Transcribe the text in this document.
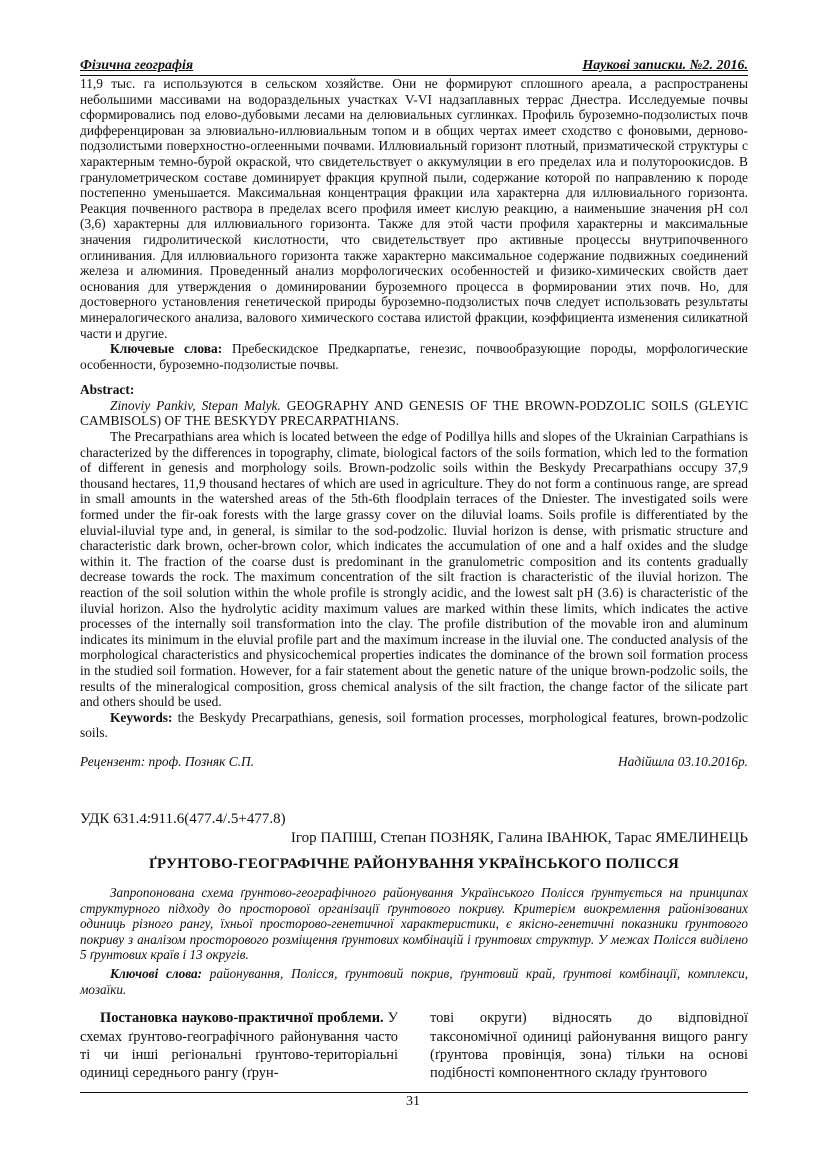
Фізична географія	Наукові записки. №2. 2016.

11,9 тыс. га используются в сельском хозяйстве. Они не формируют сплошного ареала, а распространены небольшими массивами на водораздельных участках V-VI надзаплавных террас Днестра. Исследуемые почвы сформировались под елово-дубовыми лесами на делювиальных суглинках. Профиль буроземно-подзолистых почв дифференцирован за элювиально-иллювиальным топом и в общих чертах имеет сходство с фоновыми, дерново-подзолистыми поверхностно-оглеенными почвами. Иллювиальный горизонт плотный, призматической структуры с характерным темно-бурой окраской, что свидетельствует о аккумуляции в его пределах ила и полутороокисдов. В гранулометрическом составе доминирует фракция крупной пыли, содержание которой по направлению к породе постепенно уменьшается. Максимальная концентрация фракции ила характерна для иллювиального горизонта. Реакция почвенного раствора в пределах всего профиля имеет кислую реакцию, а наименьшие значения pH сол (3,6) характерны для иллювиального горизонта. Также для этой части профиля характерны и максимальные значения гидролитической кислотности, что свидетельствует про активные процессы внутрипочвенного оглинивания. Для иллювиального горизонта также характерно максимальное содержание подвижных соединений железа и алюминия. Проведенный анализ морфологических особенностей и физико-химических свойств дает основания для утверждения о доминировании буроземного процесса в формировании этих почв. Но, для достоверного установления генетической природы буроземно-подзолистых почв следует использовать результаты минералогического анализа, валового химического состава илистой фракции, коэффициента изменения силикатной части и другие.

Ключевые слова: Пребескидское Предкарпатье, генезис, почвообразующие породы, морфологические особенности, буроземно-подзолистые почвы.

Abstract:

Zinoviy Pankiv, Stepan Malyk. GEOGRAPHY AND GENESIS OF THE BROWN-PODZOLIC SOILS (GLEYIC CAMBISOLS) OF THE BESKYDY PRECARPATHIANS.

The Precarpathians area which is located between the edge of Podillya hills and slopes of the Ukrainian Carpathians is characterized by the differences in topography, climate, biological factors of the soils formation, which led to the formation of different in genesis and morphology soils. Brown-podzolic soils within the Beskydy Precarpathians occupy 37,9 thousand hectares, 11,9 thousand hectares of which are used in agriculture. They do not form a continuous range, are spread in small amounts in the watershed areas of the 5th-6th floodplain terraces of the Dniester. The investigated soils were formed under the fir-oak forests with the large grassy cover on the diluvial loams. Soils profile is differentiated by the eluvial-iluvial type and, in general, is similar to the sod-podzolic. Iluvial horizon is dense, with prismatic structure and characteristic dark brown, ocher-brown color, which indicates the accumulation of one and a half oxides and the sludge within it. The fraction of the coarse dust is predominant in the granulometric composition and its contents gradually decrease towards the rock. The maximum concentration of the silt fraction is characteristic of the iluvial horizon. The reaction of the soil solution within the whole profile is strongly acidic, and the lowest salt pH (3.6) is characteristic of the iluvial horizon. Also the hydrolytic acidity maximum values are marked within these limits, which indicates the active processes of the internally soil transformation into the clay. The profile distribution of the movable iron and aluminum indicates its minimum in the eluvial profile part and the maximum increase in the iluvial one. The conducted analysis of the morphological characteristics and physicochemical properties indicates the dominance of the brown soil formation process in the studied soil formation. However, for a fair statement about the genetic nature of the unique brown-podzolic soils, the results of the mineralogical composition, gross chemical analysis of the silt fraction, the change factor of the silicate part and others should be used.

Keywords: the Beskydy Precarpathians, genesis, soil formation processes, morphological features, brown-podzolic soils.

Рецензент: проф. Позняк С.П.	Надійшла 03.10.2016р.

УДК 631.4:911.6(477.4/.5+477.8)

Ігор ПАПІШ, Степан ПОЗНЯК, Галина ІВАНЮК, Тарас ЯМЕЛИНЕЦЬ

ҐРУНТОВО-ГЕОГРАФІЧНЕ РАЙОНУВАННЯ УКРАЇНСЬКОГО ПОЛІССЯ

Запропонована схема ґрунтово-географічного районування Українського Полісся ґрунтується на принципах структурного підходу до просторової організації ґрунтового покриву. Критерієм виокремлення районізованих одиниць різного рангу, їхньої просторово-генетичної характеристики, є якісно-генетичні показники ґрунтового покриву з аналізом просторового розміщення ґрунтових комбінацій і ґрунтових структур. У межах Полісся виділено 5 ґрунтових країв і 13 округів.

Ключові слова: районування, Полісся, ґрунтовий покрив, ґрунтовий край, ґрунтові комбінації, комплекси, мозаїки.

Постановка науково-практичної проблеми. У схемах ґрунтово-географічного районування часто ті чи інші регіональні ґрунтово-територіальні одиниці середнього рангу (ґрун-

тові округи) відносять до відповідної таксономічної одиниці районування вищого рангу (ґрунтова провінція, зона) тільки на основі подібності компонентного складу ґрунтового

31
